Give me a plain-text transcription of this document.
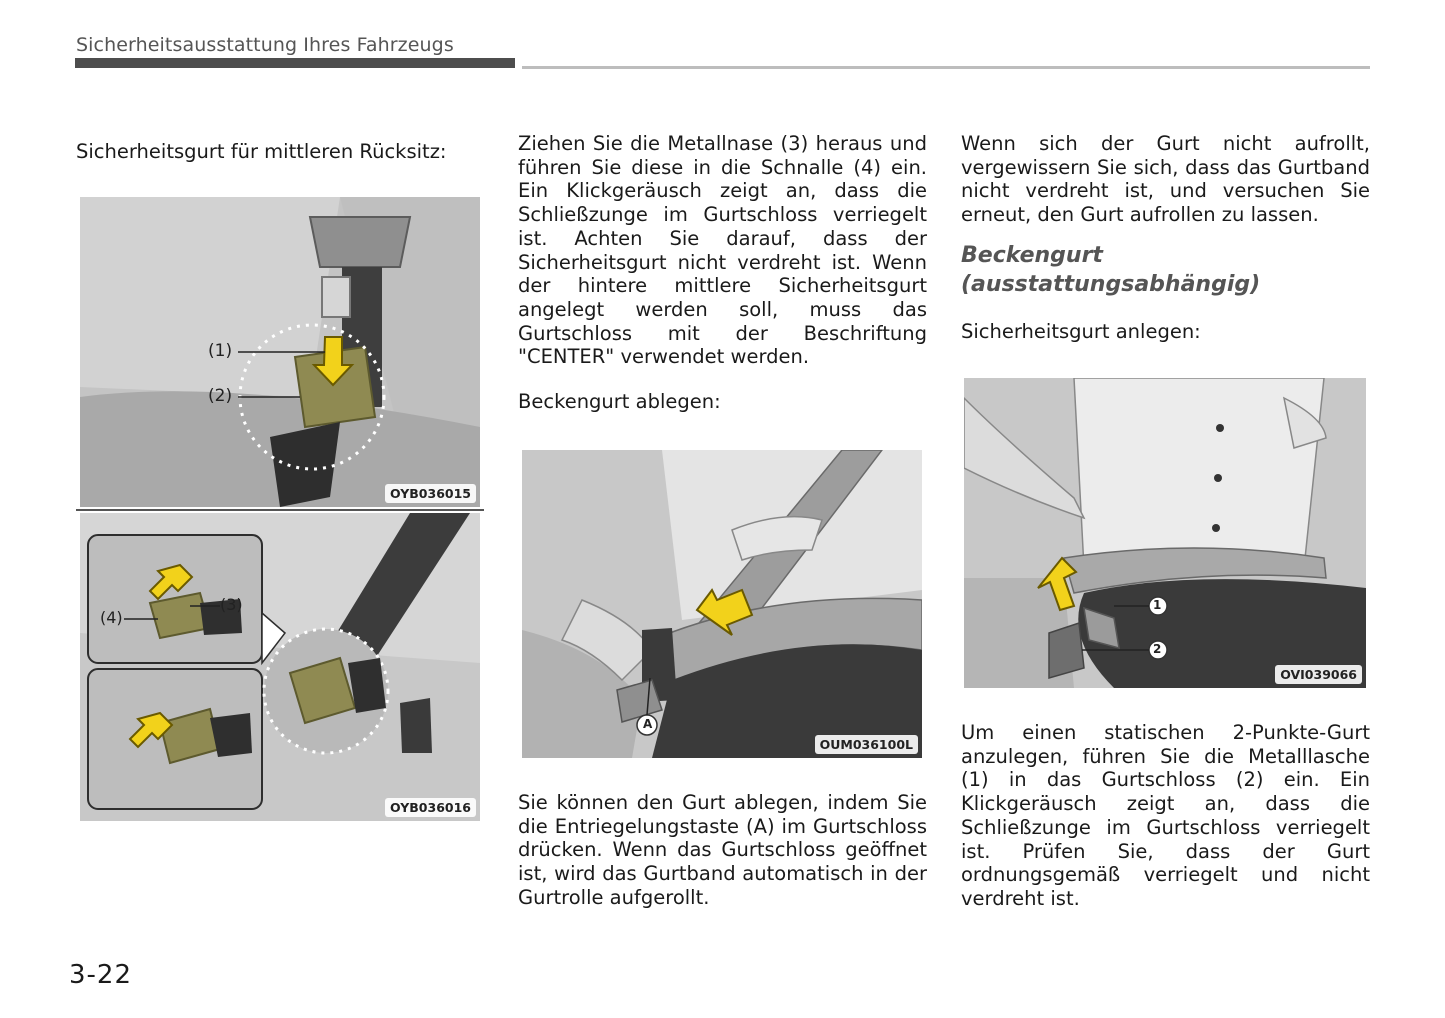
Sicherheitsausstattung Ihres Fahrzeugs
Sicherheitsgurt für mittleren Rücksitz:
(1)
(2)
OYB036015
(4)
(3)
OYB036016
Ziehen Sie die Metallnase (3) heraus und führen Sie diese in die Schnalle (4) ein. Ein Klickgeräusch zeigt an, dass die Schließzunge im Gurtschloss verriegelt ist. Achten Sie darauf, dass der Sicherheitsgurt nicht verdreht ist. Wenn der hintere mittlere Sicherheitsgurt angelegt werden soll, muss das Gurtschloss mit der Beschriftung "CENTER" verwendet werden.
Beckengurt ablegen:
A
OUM036100L
Sie können den Gurt ablegen, indem Sie die Entriegelungstaste (A) im Gurtschloss drücken. Wenn das Gurtschloss geöffnet ist, wird das Gurtband automatisch in der Gurtrolle aufgerollt.
Wenn sich der Gurt nicht aufrollt, vergewissern Sie sich, dass das Gurtband nicht verdreht ist, und versuchen Sie erneut, den Gurt aufrollen zu lassen.
Beckengurt
(ausstattungsabhängig)
Sicherheitsgurt anlegen:
1
2
OVI039066
Um einen statischen 2-Punkte-Gurt anzulegen, führen Sie die Metalllasche (1) in das Gurtschloss (2) ein. Ein Klickgeräusch zeigt an, dass die Schließzunge im Gurtschloss verriegelt ist. Prüfen Sie, dass der Gurt ordnungsgemäß verriegelt und nicht verdreht ist.
3-22
